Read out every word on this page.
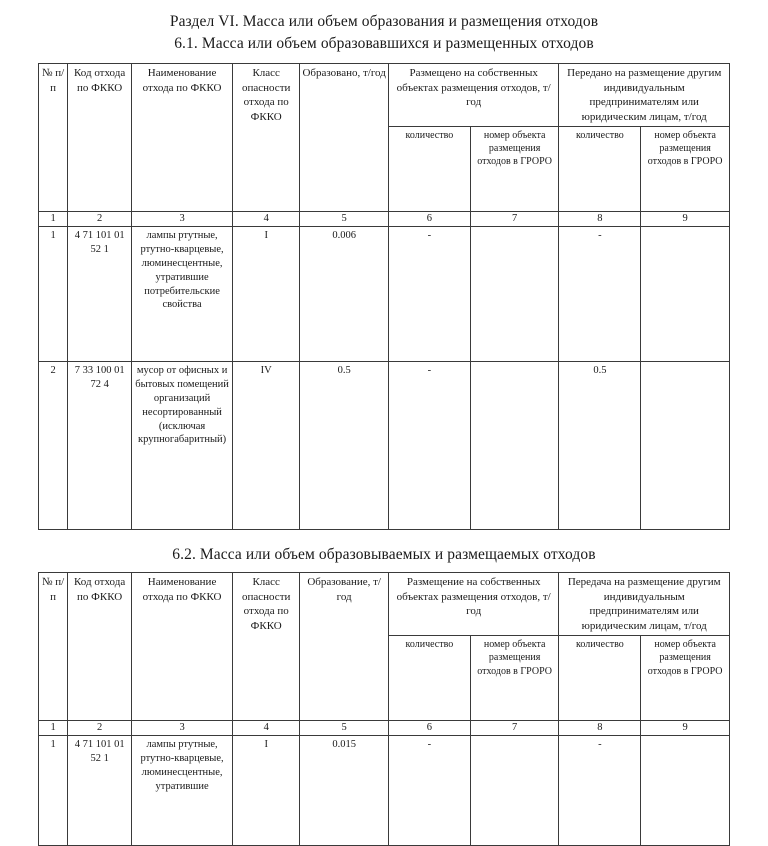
Раздел VI. Масса или объем образования и размещения отходов
6.1. Масса или объем образовавшихся и размещенных отходов
№ п/п	Код отхода по ФККО	Наименование отхода по ФККО	Класс опасности отхода по ФККО	Образовано, т/год	Размещено на собственных объектах размещения отходов, т/год		Передано на размещение другим индивидуальным предпринимателям или юридическим лицам, т/год	
					количество	номер объекта размещения отходов в ГРОРО	количество	номер объекта размещения отходов в ГРОРО
1	2	3	4	5	6	7	8	9
1	4 71 101 01 52 1	лампы ртутные, ртутно-кварцевые, люминесцентные, утратившие потребительские свойства	I	0.006	-		-	
2	7 33 100 01 72 4	мусор от офисных и бытовых помещений организаций несортированный (исключая крупногабаритный)	IV	0.5	-		0.5	
6.2. Масса или объем образовываемых и размещаемых отходов
№ п/п	Код отхода по ФККО	Наименование отхода по ФККО	Класс опасности отхода по ФККО	Образование, т/год	Размещение на собственных объектах размещения отходов, т/год		Передача на размещение другим индивидуальным предпринимателям или юридическим лицам, т/год	
					количество	номер объекта размещения отходов в ГРОРО	количество	номер объекта размещения отходов в ГРОРО
1	2	3	4	5	6	7	8	9
1	4 71 101 01 52 1	лампы ртутные, ртутно-кварцевые, люминесцентные, утратившие	I	0.015	-		-	
